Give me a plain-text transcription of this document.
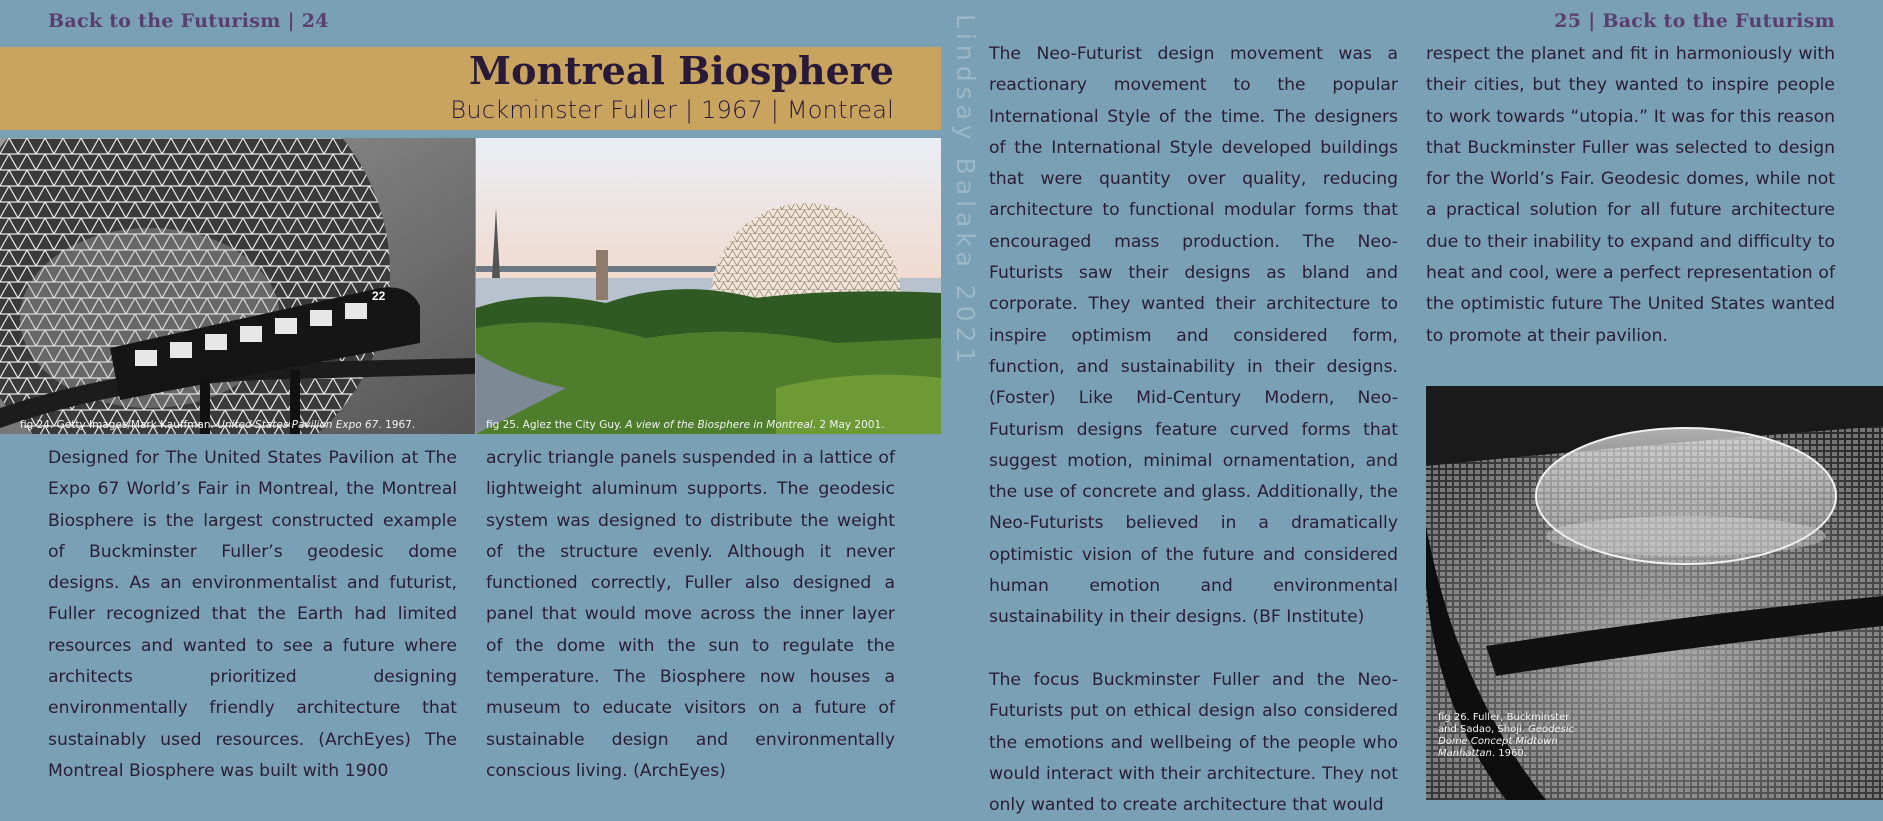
Back to the Futurism | 24	25 | Back to the Futurism
Montreal Biosphere
Buckminster Fuller | 1967 | Montreal
22
fig 24. Getty Images/Mark Kauffman. United States Pavilion Expo 67. 1967.	fig 25. Aglez the City Guy. A view of the Biosphere in Montreal. 2 May 2001.
fig 26. Fuller, Buckminster and Sadao, Shoji. Geodesic Dome Concept Midtown Manhattan. 1960.

Designed for The United States Pavilion at The Expo 67 World’s Fair in Montreal, the Montreal Biosphere is the largest constructed example of Buckminster Fuller’s geodesic dome designs. As an environmentalist and futurist, Fuller recognized that the Earth had limited resources and wanted to see a future where architects prioritized designing environmentally friendly architecture that sustainably used resources. (ArchEyes) The Montreal Biosphere was built with 1900

acrylic triangle panels suspended in a lattice of lightweight aluminum supports. The geodesic system was designed to distribute the weight of the structure evenly. Although it never functioned correctly, Fuller also designed a panel that would move across the inner layer of the dome with the sun to regulate the temperature. The Biosphere now houses a museum to educate visitors on a future of sustainable design and environmentally conscious living. (ArchEyes)

The Neo-Futurist design movement was a reactionary movement to the popular International Style of the time. The designers of the International Style developed buildings that were quantity over quality, reducing architecture to functional modular forms that encouraged mass production. The Neo-Futurists saw their designs as bland and corporate. They wanted their architecture to inspire optimism and considered form, function, and sustainability in their designs. (Foster) Like Mid-Century Modern, Neo-Futurism designs feature curved forms that suggest motion, minimal ornamentation, and the use of concrete and glass. Additionally, the Neo-Futurists believed in a dramatically optimistic vision of the future and considered human emotion and environmental sustainability in their designs. (BF Institute)

The focus Buckminster Fuller and the Neo-Futurists put on ethical design also considered the emotions and wellbeing of the people who would interact with their architecture. They not only wanted to create architecture that would

respect the planet and fit in harmoniously with their cities, but they wanted to inspire people to work towards “utopia.” It was for this reason that Buckminster Fuller was selected to design for the World’s Fair. Geodesic domes, while not a practical solution for all future architecture due to their inability to expand and difficulty to heat and cool, were a perfect representation of the optimistic future The United States wanted to promote at their pavilion.

Lindsay Balaka 2021
